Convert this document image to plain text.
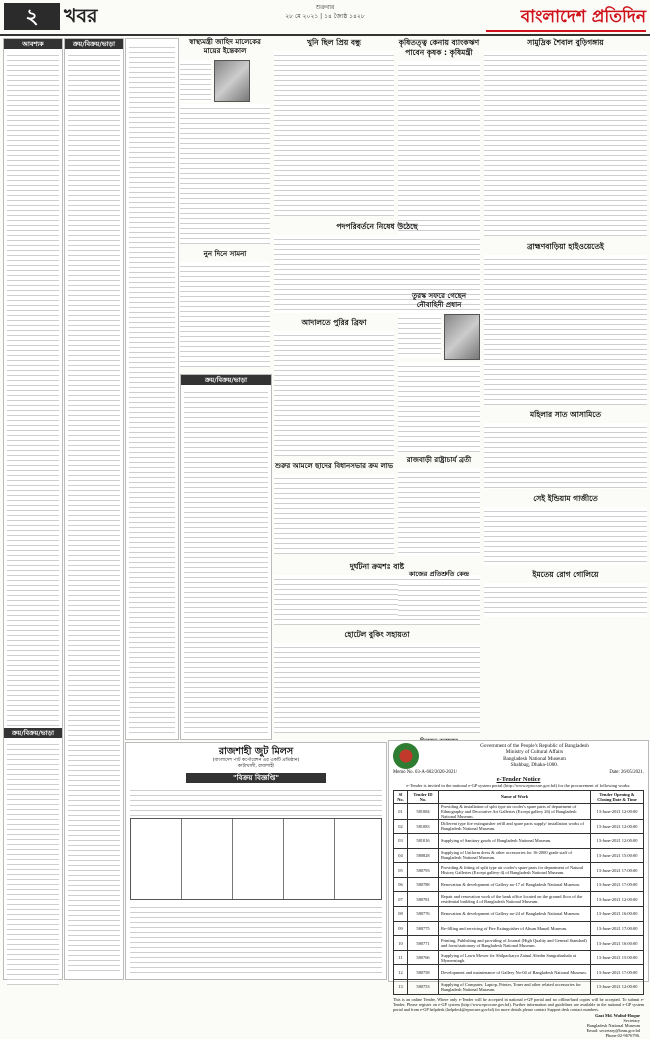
২	খবর	শুক্রবার
২৮ মে ২০২১ | ১৪ জ্যৈষ্ঠ ১৪২৮	বাংলাদেশ প্রতিদিন
আবশ্যক
ক্রয়/বিক্রয়/ভাড়া
ক্রয়/বিক্রয়/ভাড়া	স্বাস্থ্যমন্ত্রী জাহিদ মালেকের মায়ের ইন্তেকাল
নুন দিনে সামনা
ক্রয়/বিক্রয়/ভাড়া
খুনি ছিল প্রিয় বন্ধু	কৃষিতত্ত্ব কেনায় ব্যাংকঋণ পাবেন কৃষক : কৃষিমন্ত্রী
সামুদ্রিক শৈবাল বুড়িগঙ্গায়
ব্রাহ্মণবাড়িয়া হাইওয়েতেই
পদপরিবর্তনে নিষেধ উঠেছে
তুরস্ক সফরে গেছেন নৌবাহিনী প্রধান
আদালতে পুরির ব্রিফা
মহিলার সাত আসামিতে
সেই ইন্ডিয়াম গাজীতে
রাজবাড়ী রাষ্ট্রাচার্য ব্রতী
ইমতেয় রোগ গোলিয়ে
শুরুর আমলে ছাদের বিধানসভার ক্রম লাভ
দুর্ঘটনা ক্রমশঃ বাষ্ট
হোটেল বুকিং সহায়তা
কাজের প্রতিশ্রুতি কেন্দ্র
রাজশাহী জুট মিলস
(বাংলাদেশ পাট কর্পোরেশন এর একটি প্রতিষ্ঠান)
কাটাখালী, রাজশাহী
"বিক্রয় বিজ্ঞপ্তি"
Government of the People's Republic of Bangladesh
Ministry of Cultural Affairs
Bangladesh National Museum
Shahbag, Dhaka-1000.
Memo No. 03-A-602/2020-2021/	Date: 26/05/2021.
e-Tender Notice
e-Tender is invited in the national e-GP system portal (http://www.eprocure.gov.bd) for the procurement of following works:
Sl No.	Tender ID No.	Name of Work	Tender Opening & Closing Date & Time
01	581084	Providing & installation of split type air cooler's spare parts of department of Ethnography and Decorative Art Galleries (Except gallery 26) of Bangladesh National Museum.	13-June-2021 12:00:00
02	581083	Different type fire extinguisher refill and spare parts supply/ installation works of Bangladesh National Museum.	13-June-2021 12:00:00
03	581016	Supplying of Sanitary goods of Bangladesh National Museum.	13-June-2021 12:00:00
04	580828	Supplying of Uniform dress & other accessories for 16-2000 grade staff of Bangladesh National Museum.	13-June-2021 15:00:00
05	580793	Providing & fitting of split type air cooler's spare parts for department of Natural History Galleries (Except gallery-4) of Bangladesh National Museum.	13-June-2021 17:00:00
06	580788	Renovation & development of Gallery no-17 of Bangladesh National Museum.	13-June-2021 17:00:00
07	580781	Repair and renovation work of the bank office located on the ground floor of the residential building 4 of Bangladesh National Museum.	13-June-2021 12:00:00
08	580776	Renovation & development of Gallery no-24 of Bangladesh National Museum.	13-June-2021 16:00:00
09	580775	Re-filling and servicing of Fire Extinguisher of Ahsan Manzil Museum.	13-June-2021 17:00:00
10	580771	Printing, Publishing and providing of Journal (High Quality and General Standard) and form/stationary of Bangladesh National Museum.	13-June-2021 16:00:00
11	580766	Supplying of Lawn Mower for Shilpacharya Zainul Abedin Sangrahashala at Mymensingh.	13-June-2021 15:00:00
12	580758	Development and maintenance of Gallery No-04 of Bangladesh National Museum.	13-June-2021 17:00:00
13	580753	Supplying of Computer, Laptop, Printer, Toner and other related accessories for Bangladesh National Museum.	13-June-2021 12:00:00
This is an online Tender, Where only e-Tender will be accepted in national e-GP portal and no offline/hard copies will be accepted. To submit e-Tender, Please register on e-GP system (http://www.eprocure.gov.bd). Further information and guidelines are available in the national e-GP system portal and from e-GP helpdesk (helpdesk@eprocure.gov.bd) for more details please contact Support desk contact numbers.
Gazi Md. Waliul-Hoque
Secretary
Bangladesh National Museum
Email: secretary@bnm.gov.bd
Phone:02-9676796.
